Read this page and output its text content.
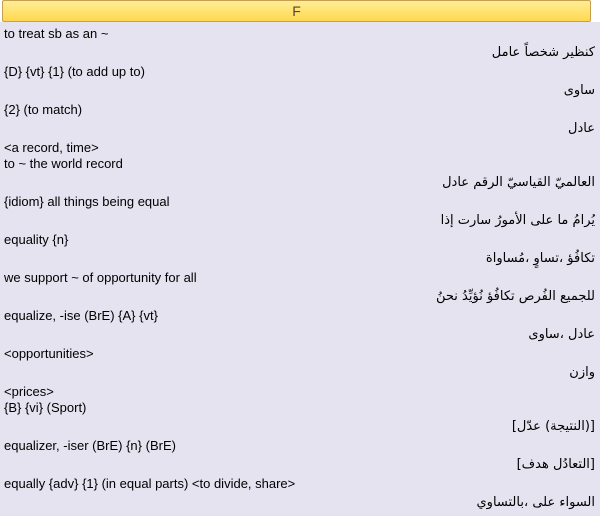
F
to treat sb as an ~
عامل شخصاً كنظير
{D} {vt} {1} (to add up to)
ساوى
{2} (to match)
عادل
<a record, time>
to ~ the world record
عادل الرقم القياسيّ العالميّ
{idiom} all things being equal
إذا سارت الأمورُ على ما يُرامُ
equality {n}
مُساواة، تساوٍ، تكافُؤ
we support ~ of opportunity for all
نحنُ نُؤيِّدُ تكافُؤ الفُرص للجميع
equalize, -ise (BrE) {A} {vt}
ساوى، عادل
<opportunities>
وازن
<prices>
{B} {vi} (Sport)
[عدّل (النتيجة)]
equalizer, -iser (BrE) {n} (BrE)
[هدف التعادُل]
equally {adv} {1} (in equal parts) <to divide, share>
بالتساوي، على السواء
